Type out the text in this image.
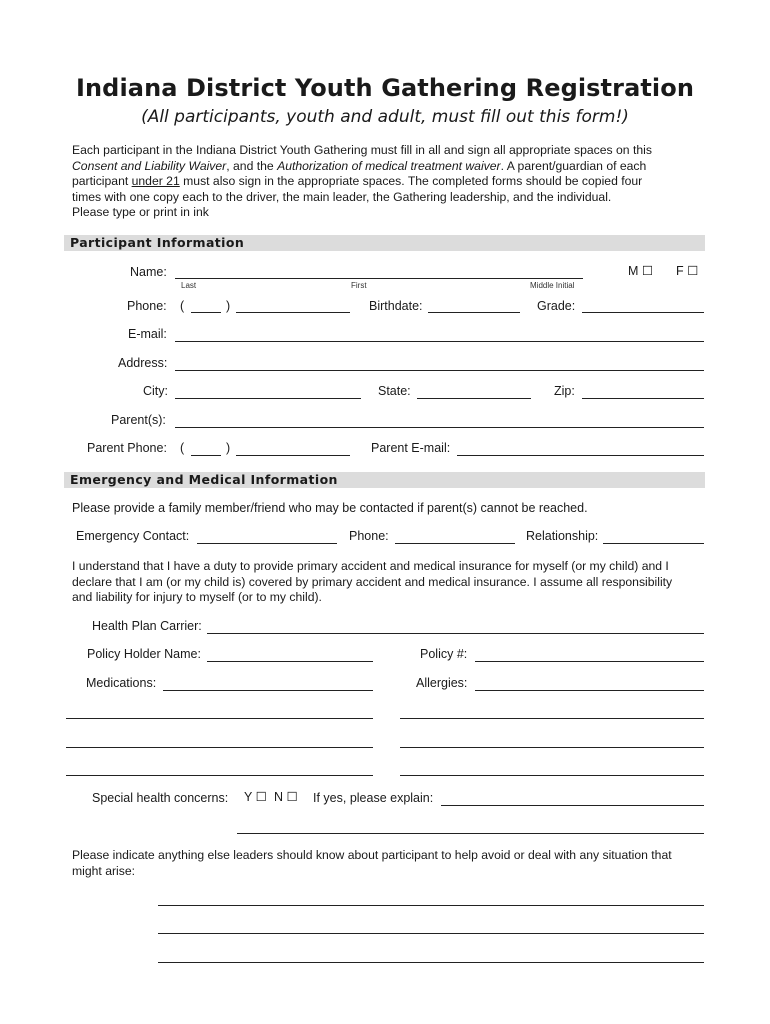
Indiana District Youth Gathering Registration
(All participants, youth and adult, must fill out this form!)

Each participant in the Indiana District Youth Gathering must fill in all and sign all appropriate spaces on this

Consent and Liability Waiver, and the Authorization of medical treatment waiver. A parent/guardian of each

participant under 21 must also sign in the appropriate spaces. The completed forms should be copied four

times with one copy each to the driver, the main leader, the Gathering leadership, and the individual.

Please type or print in ink

Participant Information
Name:
Last	First	Middle Initial
M ☐ F ☐
Phone: (	)	Birthdate:	Grade:
E-mail:
Address:
City:	State:	Zip:
Parent(s):
Parent Phone: (	)	Parent E-mail:
Emergency and Medical Information
Please provide a family member/friend who may be contacted if parent(s) cannot be reached.
Emergency Contact:	Phone:	Relationship:

I understand that I have a duty to provide primary accident and medical insurance for myself (or my child) and I

declare that I am (or my child is) covered by primary accident and medical insurance. I assume all responsibility

and liability for injury to myself (or to my child).

Health Plan Carrier:
Policy Holder Name:	Policy #:
Medications:	Allergies:
Special health concerns: Y ☐ N ☐ If yes, please explain:

Please indicate anything else leaders should know about participant to help avoid or deal with any situation that

might arise:
